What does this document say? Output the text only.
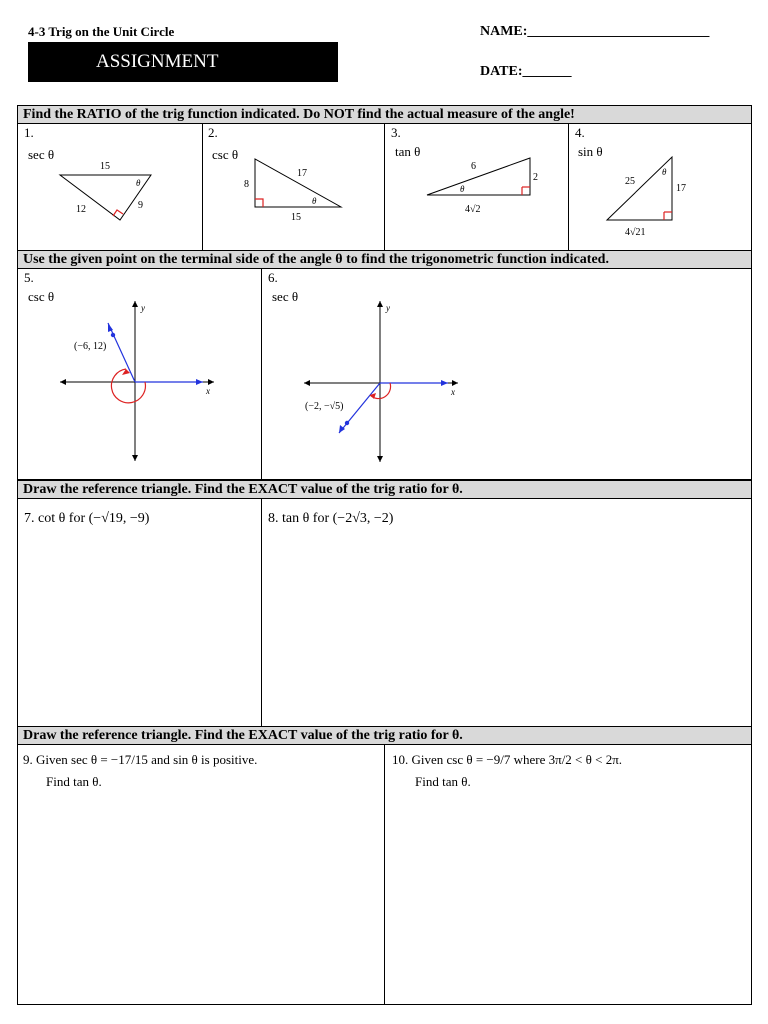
4-3 Trig on the Unit Circle
ASSIGNMENT
NAME:__________________________
DATE:_______
Find the RATIO of the trig function indicated. Do NOT find the actual measure of the angle!
1.
sec θ
15
12	9
θ
2.
csc θ
17
8
15
θ
3.
tan θ
6
2
4√2
θ
4.
sin θ
25
17
4√21
θ
Use the given point on the terminal side of the angle θ to find the trigonometric function indicated.
5.
csc θ
y
x
(−6, 12)
6.
sec θ
y
x
(−2, −√5)
Draw the reference triangle. Find the EXACT value of the trig ratio for θ.
7. cot θ for (−√19, −9)	8. tan θ for (−2√3, −2)
Draw the reference triangle. Find the EXACT value of the trig ratio for θ.
9. Given sec θ = −17/15 and sin θ is positive.
Find tan θ.
10. Given csc θ = −9/7 where 3π/2 < θ < 2π.
Find tan θ.
